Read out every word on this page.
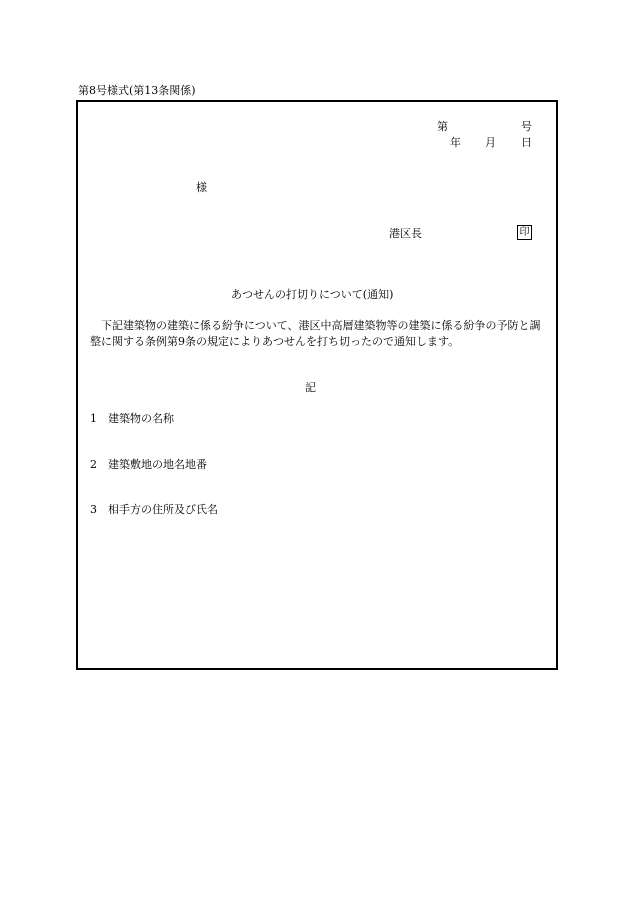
第8号様式(第13条関係)
第	号
年 月 日
様
港区長	印
あつせんの打切りについて(通知)
下記建築物の建築に係る紛争について、港区中高層建築物等の建築に係る紛争の予防と調整に関する条例第9条の規定によりあつせんを打ち切ったので通知します。
記
1 建築物の名称
2 建築敷地の地名地番
3 相手方の住所及び氏名
